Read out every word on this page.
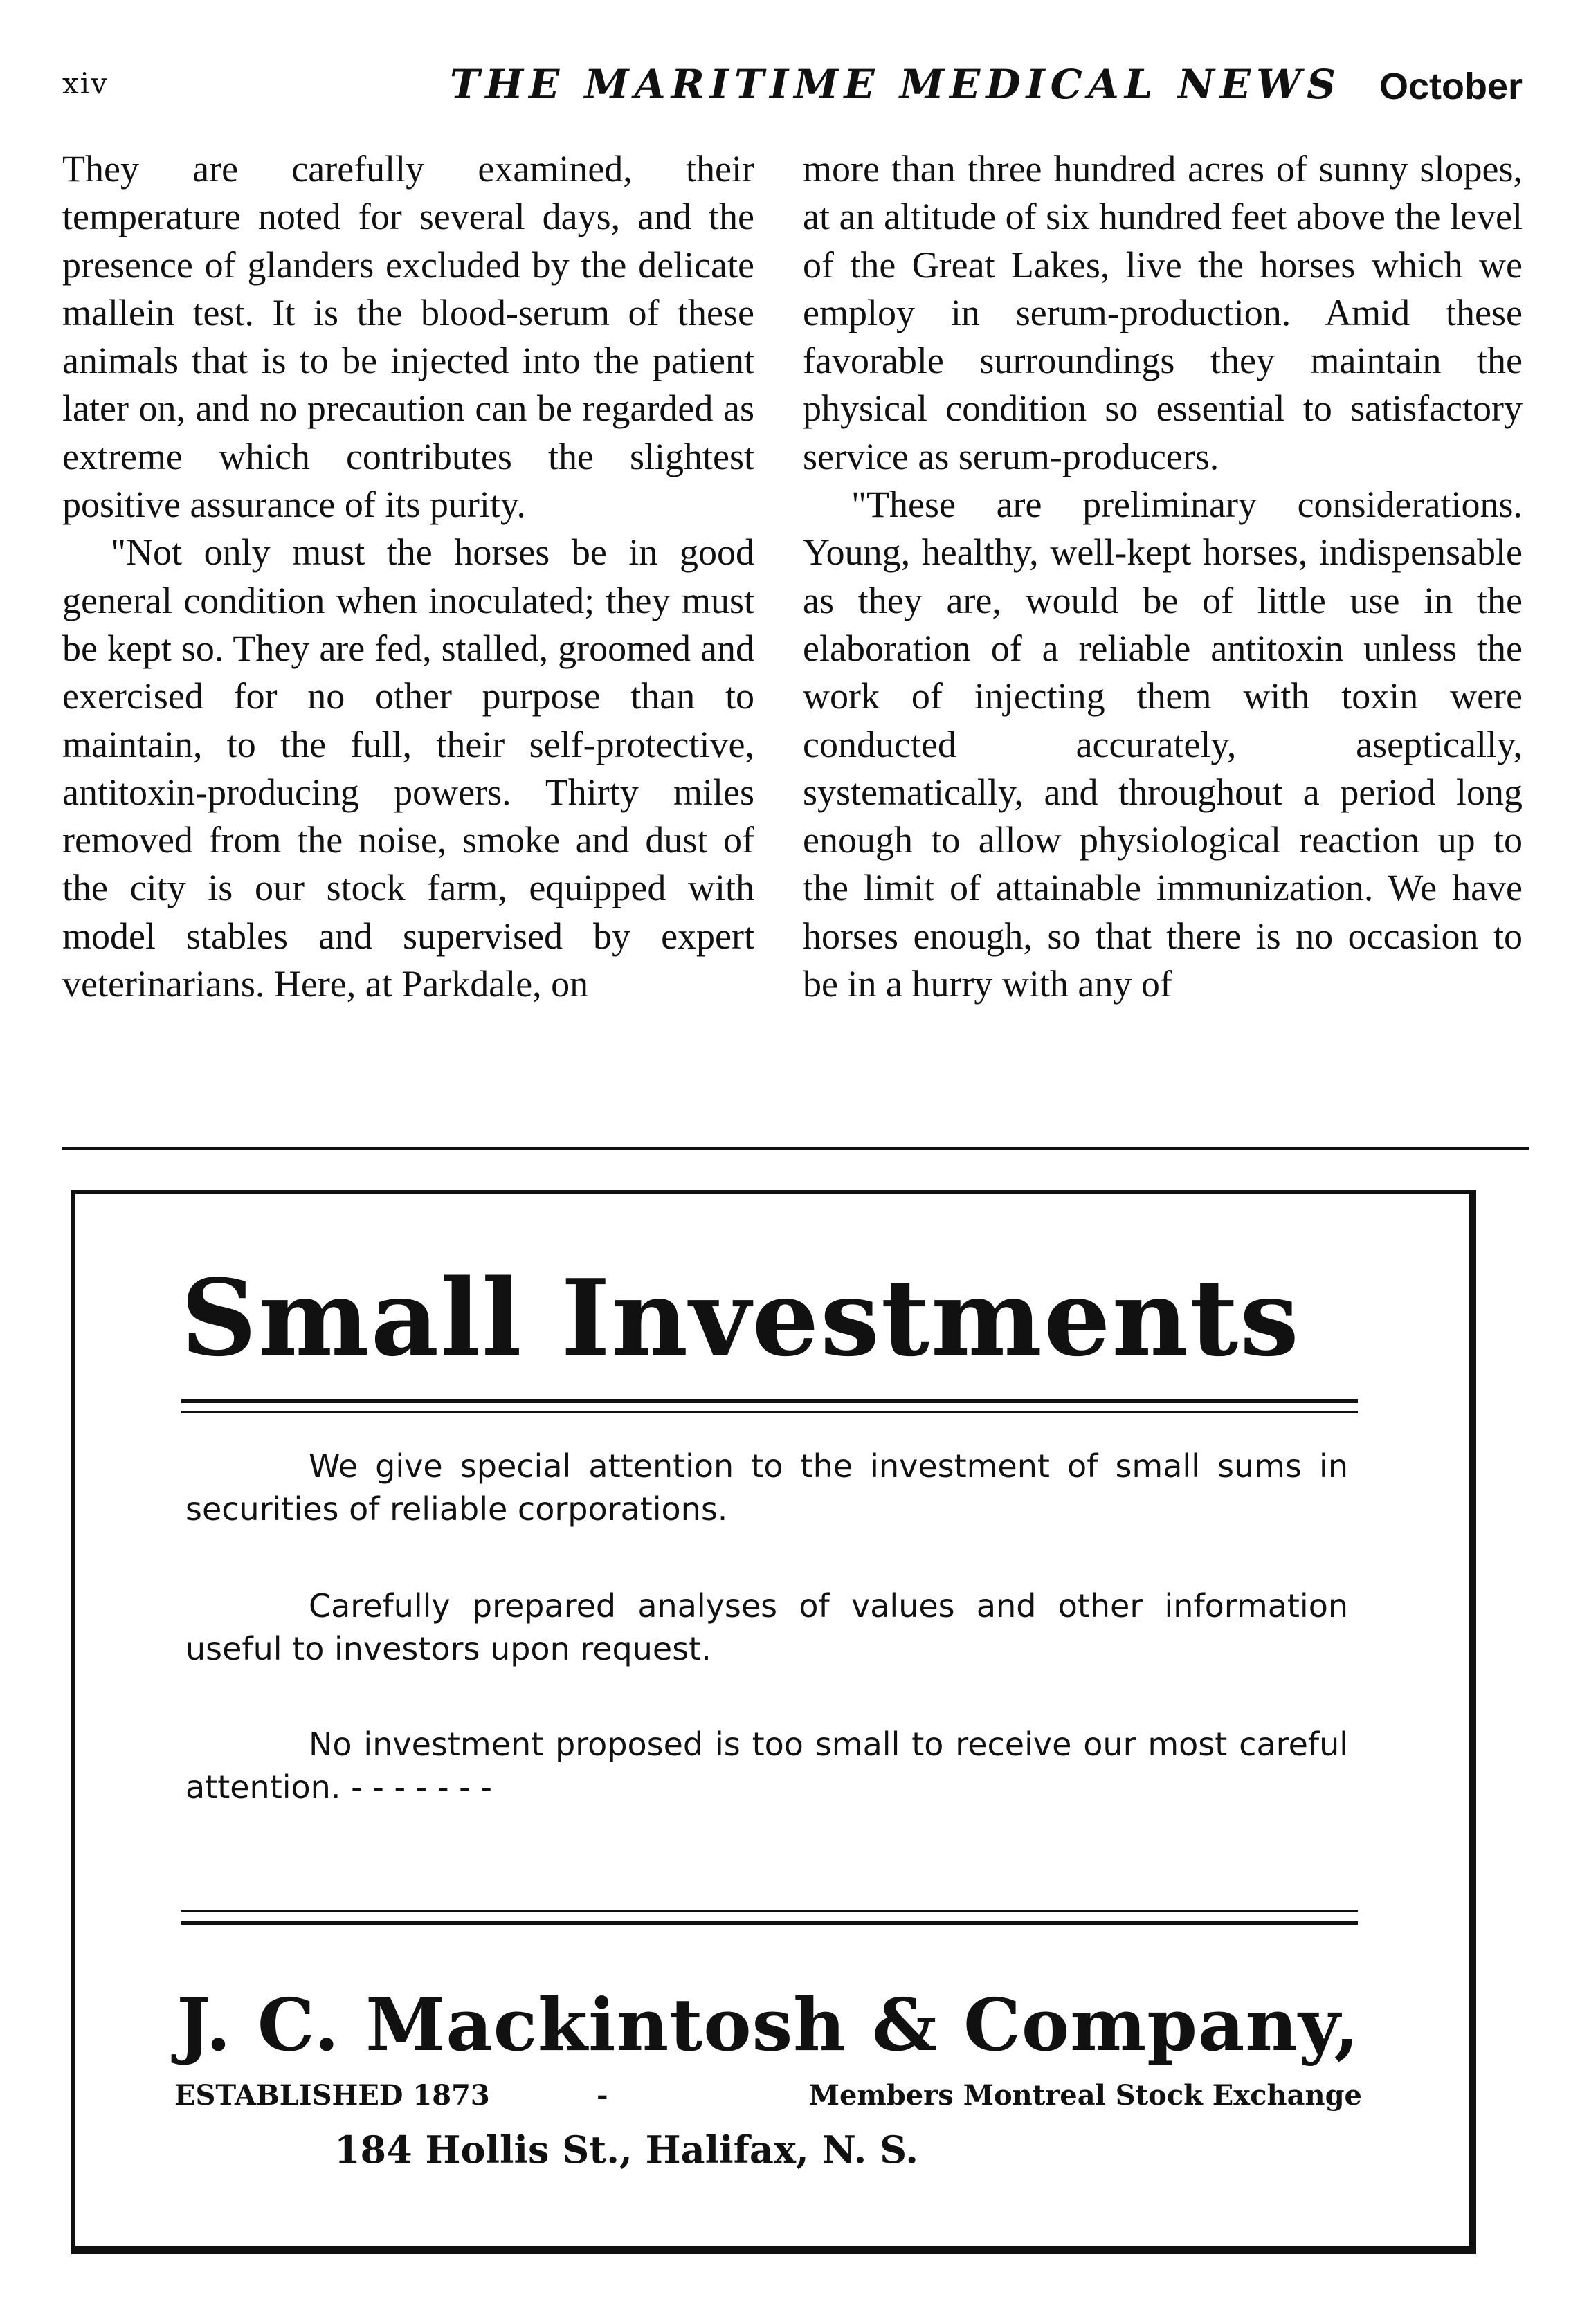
xiv	THE MARITIME MEDICAL NEWS October

They are carefully examined, their temperature noted for several days, and the presence of glanders excluded by the delicate mallein test. It is the blood-serum of these animals that is to be injected into the patient later on, and no precaution can be regarded as extreme which contributes the slightest positive assurance of its purity.

"Not only must the horses be in good general condition when inoculated; they must be kept so. They are fed, stalled, groomed and exercised for no other purpose than to maintain, to the full, their self-protective, antitoxin-producing powers. Thirty miles removed from the noise, smoke and dust of the city is our stock farm, equipped with model stables and supervised by expert veterinarians. Here, at Parkdale, on

more than three hundred acres of sunny slopes, at an altitude of six hundred feet above the level of the Great Lakes, live the horses which we employ in serum-production. Amid these favorable surroundings they maintain the physical condition so essential to satisfactory service as serum-producers.

"These are preliminary considerations. Young, healthy, well-kept horses, indispensable as they are, would be of little use in the elaboration of a reliable antitoxin unless the work of injecting them with toxin were conducted accurately, aseptically, systematically, and throughout a period long enough to allow physiological reaction up to the limit of attainable immunization. We have horses enough, so that there is no occasion to be in a hurry with any of

Small Investments

We give special attention to the investment of small sums in securities of reliable corporations.

Carefully prepared analyses of values and other information useful to investors upon request.

No investment proposed is too small to receive our most careful attention. - - - - - - -

J. C. Mackintosh & Company,
ESTABLISHED 1873	-	Members Montreal Stock Exchange
184 Hollis St., Halifax, N. S.
